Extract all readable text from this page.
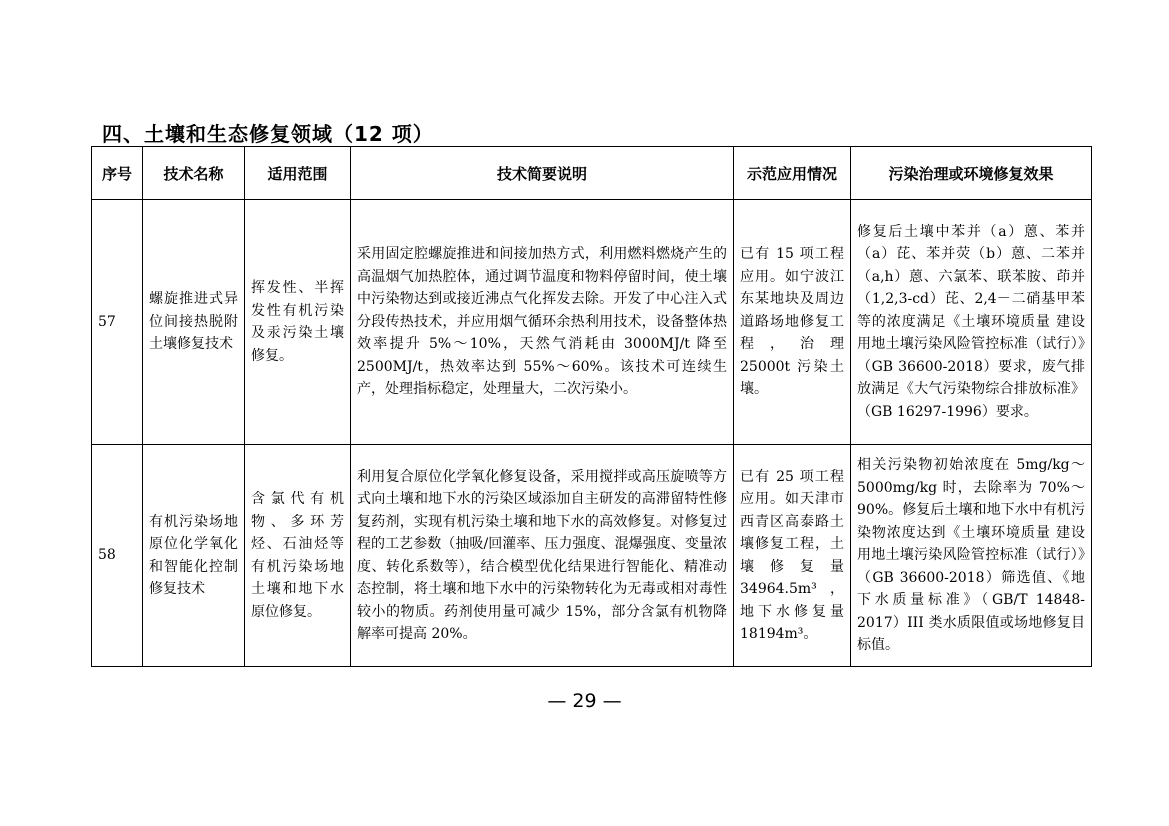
四、土壤和生态修复领域（12 项）
序号	技术名称	适用范围	技术简要说明	示范应用情况	污染治理或环境修复效果
57	螺旋推进式异位间接热脱附土壤修复技术	挥发性、半挥发性有机污染及汞污染土壤修复。	采用固定腔螺旋推进和间接加热方式，利用燃料燃烧产生的高温烟气加热腔体，通过调节温度和物料停留时间，使土壤中污染物达到或接近沸点气化挥发去除。开发了中心注入式分段传热技术，并应用烟气循环余热利用技术，设备整体热效率提升 5%～10%，天然气消耗由 3000MJ/t 降至 2500MJ/t，热效率达到 55%～60%。该技术可连续生产，处理指标稳定，处理量大，二次污染小。	已有 15 项工程应用。如宁波江东某地块及周边道路场地修复工程，治理 25000t 污染土壤。	修复后土壤中苯并（a）蒽、苯并（a）芘、苯并荧（b）蒽、二苯并（a,h）蒽、六氯苯、联苯胺、茚并（1,2,3-cd）芘、2,4－二硝基甲苯等的浓度满足《土壤环境质量 建设用地土壤污染风险管控标准（试行）》（GB 36600-2018）要求，废气排放满足《大气污染物综合排放标准》（GB 16297-1996）要求。
58	有机污染场地原位化学氧化和智能化控制修复技术	含氯代有机物、多环芳烃、石油烃等有机污染场地土壤和地下水原位修复。	利用复合原位化学氧化修复设备，采用搅拌或高压旋喷等方式向土壤和地下水的污染区域添加自主研发的高滞留特性修复药剂，实现有机污染土壤和地下水的高效修复。对修复过程的工艺参数（抽吸/回灌率、压力强度、混爆强度、变量浓度、转化系数等），结合模型优化结果进行智能化、精准动态控制，将土壤和地下水中的污染物转化为无毒或相对毒性较小的物质。药剂使用量可减少 15%，部分含氯有机物降解率可提高 20%。	已有 25 项工程应用。如天津市西青区高泰路土壤修复工程，土壤修复量 34964.5m³，地下水修复量 18194m³。	相关污染物初始浓度在 5mg/kg～5000mg/kg 时，去除率为 70%～90%。修复后土壤和地下水中有机污染物浓度达到《土壤环境质量 建设用地土壤污染风险管控标准（试行）》（GB 36600-2018）筛选值、《地下水质量标准》（GB/T 14848-2017）III 类水质限值或场地修复目标值。
— 29 —
